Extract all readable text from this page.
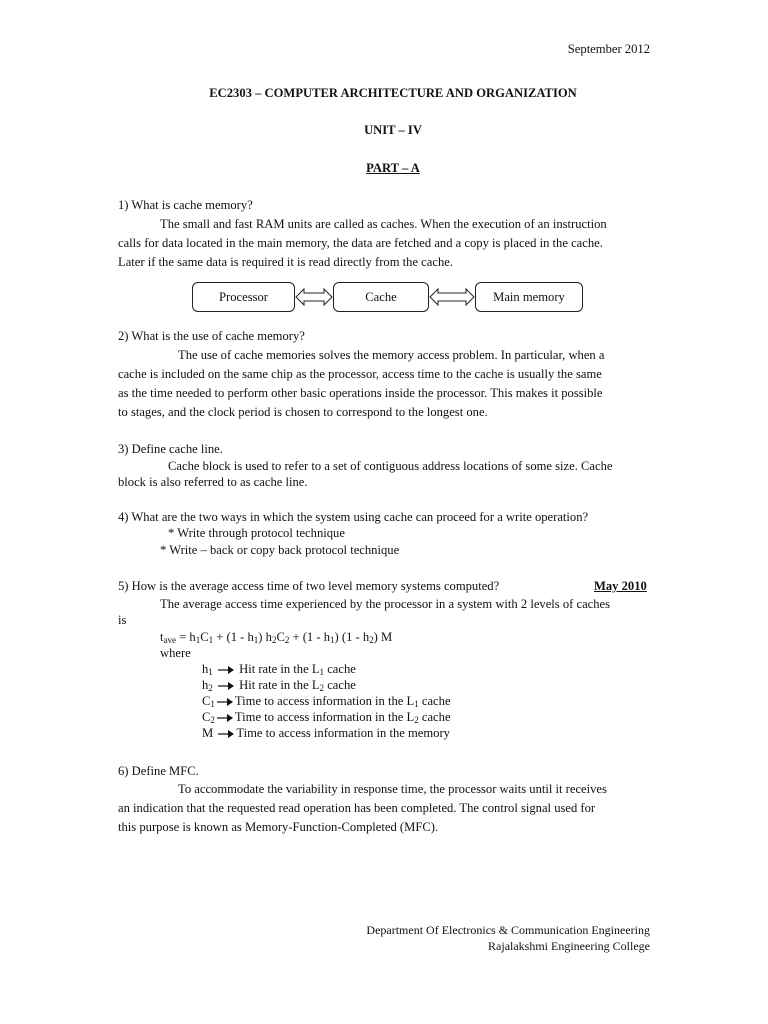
September 2012
EC2303 – COMPUTER ARCHITECTURE AND ORGANIZATION
UNIT – IV
PART – A
1) What is cache memory?
The small and fast RAM units are called as caches. When the execution of an instruction
calls for data located in the main memory, the data are fetched and a copy is placed in the cache.
Later if the same data is required it is read directly from the cache.
Processor	Cache	Main memory
2) What is the use of cache memory?
The use of cache memories solves the memory access problem. In particular, when a
cache is included on the same chip as the processor, access time to the cache is usually the same
as the time needed to perform other basic operations inside the processor. This makes it possible
to stages, and the clock period is chosen to correspond to the longest one.
3) Define cache line.
Cache block is used to refer to a set of contiguous address locations of some size. Cache
block is also referred to as cache line.
4) What are the two ways in which the system using cache can proceed for a write operation?
* Write through protocol technique
* Write – back or copy back protocol technique
5) How is the average access time of two level memory systems computed?	May 2010
The average access time experienced by the processor in a system with 2 levels of caches
is
$t_{ave} = h_1C_1 + (1 - h_1) h_2C_2 + (1 - h_1)$ $(1 - h_2)$ M
where
$h_1$  Hit rate in the $L_1$ cache
$h_2$  Hit rate in the $L_2$ cache
$C_1$ Time to access information in the $L_1$ cache
$C_2$ Time to access information in the $L_2$ cache
M Time to access information in the memory
6) Define MFC.
To accommodate the variability in response time, the processor waits until it receives
an indication that the requested read operation has been completed. The control signal used for
this purpose is known as Memory-Function-Completed (MFC).
Department Of Electronics & Communication Engineering
Rajalakshmi Engineering College
